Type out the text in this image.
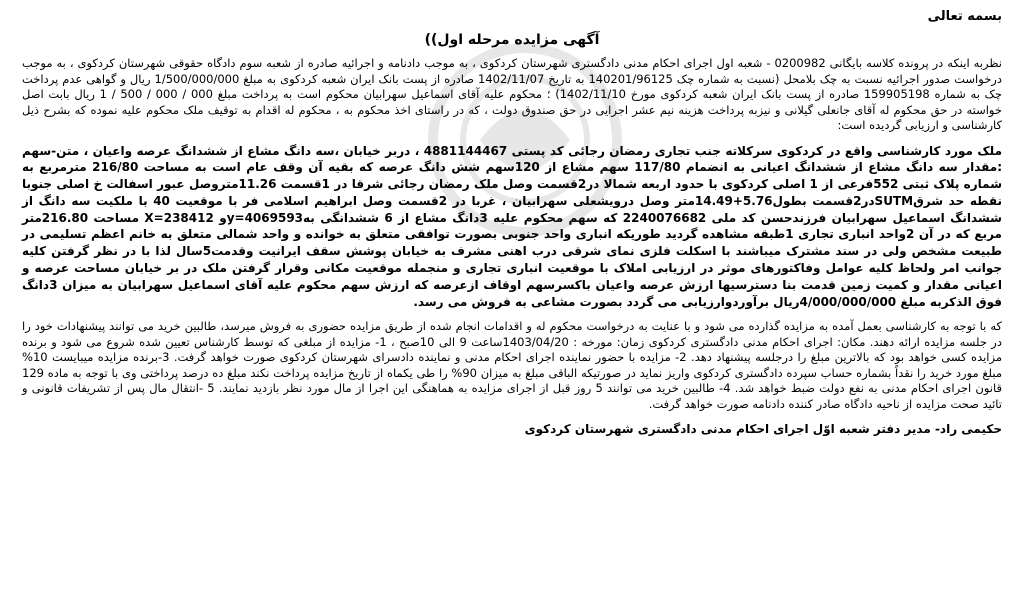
بسمه تعالی

آگهی مزایده مرحله اول))

نظربه اینکه در پرونده کلاسه بایگانی 0200982 - شعبه اول اجرای احکام مدنی دادگستری شهرستان کردکوی ، به موجب دادنامه و اجرائیه صادره از شعبه سوم دادگاه حقوقی شهرستان کردکوی ، به موجب درخواست صدور اجرائیه نسبت به چک بلامحل (نسبت به شماره چک 140201/96125 به تاریخ 1402/11/07 صادره از پست بانک ایران شعبه کردکوی به مبلغ 1/500/000/000 ریال و گواهی عدم پرداخت چک به شماره 159905198 صادره از پست بانک ایران شعبه کردکوی مورخ 1402/11/10) ؛ محکوم علیه آقای اسماعیل سهرابیان محکوم است به پرداخت مبلغ 000 / 000 / 500 / 1 ریال بابت اصل خواسته در حق محکوم له آقای جانعلی گیلانی و نیزبه پرداخت هزینه نیم عشر اجرایی در حق صندوق دولت ، که در راستای اخذ محکوم به ، محکوم له اقدام به توقیف ملک محکوم علیه نموده که بشرح ذیل کارشناسی و ارزیابی گردیده است:

ملک مورد کارشناسی واقع در کردکوی سرکلاته جنب تجاری رمضان رجائی کد پستی 4881144467 ، دربر خیابان ،سه دانگ مشاع از ششدانگ عرصه واعیان ، متن-سهم :مقدار سه دانگ مشاع از ششدانگ اعیانی به انضمام 117/80 سهم مشاع از 120سهم شش دانگ عرصه که بقیه آن وقف عام است به مساحت 216/80 مترمربع به شماره پلاک ثبتی 552فرعی از 1 اصلی کردکوی با حدود اربعه شمالا در2قسمت وصل ملک رمضان رجائی شرقا در 1قسمت 11.26متروصل عبور اسفالت خ اصلی جنوبا نقطه حد شرقSUTMدر2قسمت بطول5.76+14.49متر وصل درویشعلی سهرابیان ، غربا در 2قسمت وصل ابراهیم اسلامی فر با موقعیت 40 با ملکیت سه دانگ از ششدانگ اسماعیل سهرابیان فرزندحسن کد ملی 2240076682 که سهم محکوم علیه 3دانگ مشاع از 6 ششدانگی بهy=4069593و X=238412 مساحت 216.80متر مربع که در آن 2واحد انباری تجاری 1طبقه مشاهده گردید طوریکه انباری واحد جنوبی بصورت توافقی متعلق به خوانده و واحد شمالی متعلق به خانم اعظم تسلیمی در طبیعت مشخص ولی در سند مشترک میباشند با اسکلت فلزی نمای شرقی درب اهنی مشرف به خیابان پوشش سقف ایرانیت وقدمت5سال لذا با در نظر گرفتن کلیه جوانب امر ولحاظ کلیه عوامل وفاکتورهای موثر در ارزیابی املاک با موقعیت انباری تجاری و منجمله موقعیت مکانی وقرار گرفتن ملک در بر خیابان مساحت عرصه و اعیانی مقدار و کمیت زمین قدمت بنا دسترسیها ارزش عرصه واعیان باکسرسهم اوقاف ازعرصه که ارزش سهم محکوم علیه آقای اسماعیل سهرابیان به میزان 3دانگ فوق الذکربه مبلغ 4/000/000/000ریال برآوردوارزیابی می گردد بصورت مشاعی به فروش می رسد.

که با توجه به کارشناسی بعمل آمده به مزایده گذارده می شود و با عنایت به درخواست محکوم له و اقدامات انجام شده از طریق مزایده حضوری به فروش میرسد، طالبین خرید می توانند پیشنهادات خود را در جلسه مزایده ارائه دهند. مکان: اجرای احکام مدنی دادگستری کردکوی زمان: مورخه : 1403/04/20ساعت 9 الی 10صبح ، 1- مزایده از مبلغی که توسط کارشناس تعیین شده شروع می شود و برنده مزایده کسی خواهد بود که بالاترین مبلغ را درجلسه پیشنهاد دهد. 2- مزایده با حضور نماینده اجرای احکام مدنی و نماینده دادسرای شهرستان کردکوی صورت خواهد گرفت. 3-برنده مزایده میبایست 10% مبلغ مورد خرید را نقداً بشماره حساب سپرده دادگستری کردکوی واریز نماید در صورتیکه الباقی مبلغ به میزان 90% را طی یکماه از تاریخ مزایده پرداخت نکند مبلغ ده درصد پرداختی وی با توجه به ماده 129 قانون اجرای احکام مدنی به نفع دولت ضبط خواهد شد. 4- طالبین خرید می توانند 5 روز قبل از اجرای مزایده به هماهنگی این اجرا از مال مورد نظر بازدید نمایند. 5 -انتقال مال پس از تشریفات قانونی و تائید صحت مزایده از ناحیه دادگاه صادر کننده دادنامه صورت خواهد گرفت.

حکیمی راد- مدیر دفتر شعبه اوّل اجرای احکام مدنی دادگستری شهرستان کردکوی
